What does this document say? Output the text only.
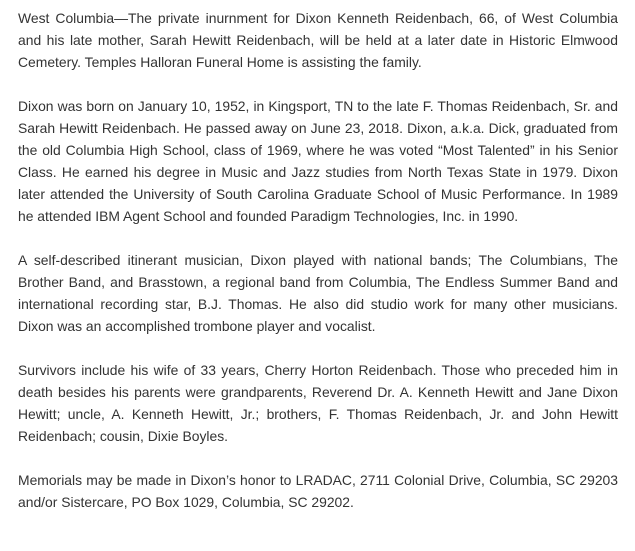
West Columbia—The private inurnment for Dixon Kenneth Reidenbach, 66, of West Columbia and his late mother, Sarah Hewitt Reidenbach, will be held at a later date in Historic Elmwood Cemetery. Temples Halloran Funeral Home is assisting the family.

Dixon was born on January 10, 1952, in Kingsport, TN to the late F. Thomas Reidenbach, Sr. and Sarah Hewitt Reidenbach. He passed away on June 23, 2018. Dixon, a.k.a. Dick, graduated from the old Columbia High School, class of 1969, where he was voted “Most Talented” in his Senior Class. He earned his degree in Music and Jazz studies from North Texas State in 1979. Dixon later attended the University of South Carolina Graduate School of Music Performance. In 1989 he attended IBM Agent School and founded Paradigm Technologies, Inc. in 1990.

A self-described itinerant musician, Dixon played with national bands; The Columbians, The Brother Band, and Brasstown, a regional band from Columbia, The Endless Summer Band and international recording star, B.J. Thomas. He also did studio work for many other musicians. Dixon was an accomplished trombone player and vocalist.

Survivors include his wife of 33 years, Cherry Horton Reidenbach. Those who preceded him in death besides his parents were grandparents, Reverend Dr. A. Kenneth Hewitt and Jane Dixon Hewitt; uncle, A. Kenneth Hewitt, Jr.; brothers, F. Thomas Reidenbach, Jr. and John Hewitt Reidenbach; cousin, Dixie Boyles.

Memorials may be made in Dixon’s honor to LRADAC, 2711 Colonial Drive, Columbia, SC 29203 and/or Sistercare, PO Box 1029, Columbia, SC 29202.
